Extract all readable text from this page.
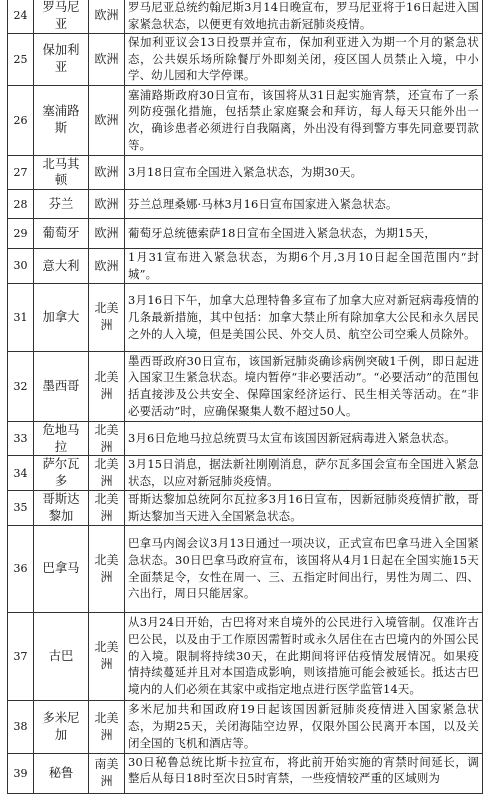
24	罗马尼亚	欧洲	罗马尼亚总统约翰尼斯3月14日晚宣布，罗马尼亚将于16日起进入国家紧急状态，以便更有效地抗击新冠肺炎疫情。
25	保加利亚	欧洲	保加利亚议会13日投票并宣布，保加利亚进入为期一个月的紧急状态，公共娱乐场所除餐厅外即刻关闭，疫区国人员禁止入境，中小学、幼儿园和大学停课。
26	塞浦路斯	欧洲	塞浦路斯政府30日宣布，该国将从31日起实施宵禁，还宣布了一系列防疫强化措施，包括禁止家庭聚会和拜访，每人每天只能外出一次，确诊患者必须进行自我隔离，外出没有得到警方事先同意要罚款等。
27	北马其顿	欧洲	3月18日宣布全国进入紧急状态，为期30天。
28	芬兰	欧洲	芬兰总理桑娜·马林3月16日宣布国家进入紧急状态。
29	葡萄牙	欧洲	葡萄牙总统德索萨18日宣布全国进入紧急状态，为期15天，
30	意大利	欧洲	1月31宣布进入紧急状态，为期6个月,3月10日起全国范围内“封城”。
31	加拿大	北美洲	3月16日下午，加拿大总理特鲁多宣布了加拿大应对新冠病毒疫情的几条最新措施，其中包括：加拿大禁止所有除加拿大公民和永久居民之外的人入境，但是美国公民、外交人员、航空公司空乘人员除外。
32	墨西哥	北美洲	墨西哥政府30日宣布，该国新冠肺炎确诊病例突破1千例，即日起进入国家卫生紧急状态。境内暂停“非必要活动”。“必要活动”的范围包括直接涉及公共安全、保障国家经济运行、民生相关等活动。在“非必要活动”时，应确保聚集人数不超过50人。
33	危地马拉	北美洲	3月6日危地马拉总统贾马太宣布该国因新冠病毒进入紧急状态。
34	萨尔瓦多	北美洲	3月15日消息，据法新社刚刚消息，萨尔瓦多国会宣布全国进入紧急状态，以应对新冠肺炎疫情。
35	哥斯达黎加	北美洲	哥斯达黎加总统阿尔瓦拉多3月16日宣布，因新冠肺炎疫情扩散，哥斯达黎加当天进入全国紧急状态。
36	巴拿马	北美洲	巴拿马内阁会议3月13日通过一项决议，正式宣布巴拿马进入全国紧急状态。30日巴拿马政府宣布，该国将从4月1日起在全国实施15天全面禁足令，女性在周一、三、五指定时间出行，男性为周二、四、六出行，周日只能居家。
37	古巴	北美洲	从3月24日开始，古巴将对来自境外的公民进行入境管制。仅准许古巴公民，以及由于工作原因需暂时或永久居住在古巴境内的外国公民的入境。限制将持续30天，在此期间将评估疫情发展情况。如果疫情持续蔓延并且对本国造成影响，则该措施可能会被延长。抵达古巴境内的人们必须在其家中或指定地点进行医学监管14天。
38	多米尼加	北美洲	多米尼加共和国政府19日起该国因新冠肺炎疫情进入国家紧急状态，为期25天，关闭海陆空边界，仅限外国公民离开本国，以及关闭全国的飞机和酒店等。
39	秘鲁	南美洲	30日秘鲁总统比斯卡拉宣布，将此前开始实施的宵禁时间延长，调整后从每日18时至次日5时宵禁，一些疫情较严重的区域则为
